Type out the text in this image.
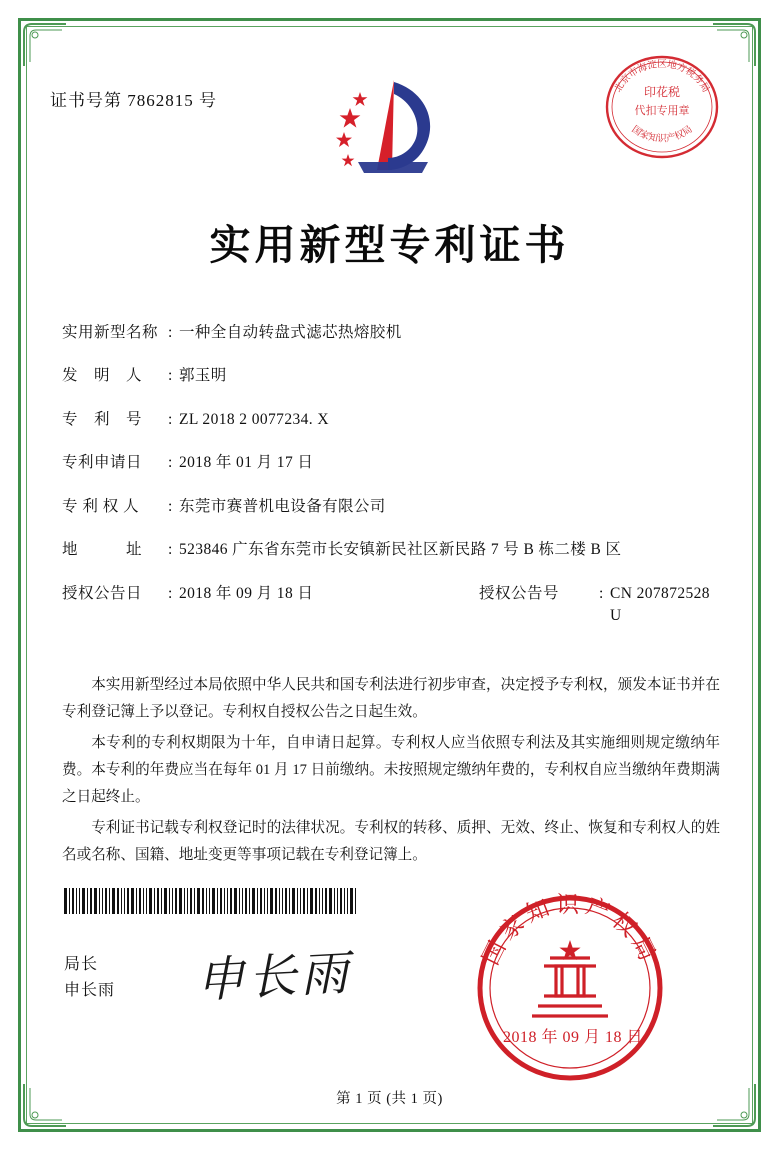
证书号第 7862815 号	印花税
代扣专用章
北京市海淀区地方税务局
国家知识产权局
实用新型专利证书
实用新型名称 : 一种全自动转盘式滤芯热熔胶机
发　明　人	: 郭玉明
专　利　号	: ZL 2018 2 0077234. X
专利申请日	: 2018 年 01 月 17 日
专 利 权 人	: 东莞市赛普机电设备有限公司
地　　　址	: 523846 广东省东莞市长安镇新民社区新民路 7 号 B 栋二楼 B 区
授权公告日	: 2018 年 09 月 18 日	授权公告号	: CN 207872528 U

本实用新型经过本局依照中华人民共和国专利法进行初步审查，决定授予专利权，颁发本证书并在专利登记簿上予以登记。专利权自授权公告之日起生效。

本专利的专利权期限为十年，自申请日起算。专利权人应当依照专利法及其实施细则规定缴纳年费。本专利的年费应当在每年 01 月 17 日前缴纳。未按照规定缴纳年费的，专利权自应当缴纳年费期满之日起终止。

专利证书记载专利权登记时的法律状况。专利权的转移、质押、无效、终止、恢复和专利权人的姓名或名称、国籍、地址变更等事项记载在专利登记簿上。

局长
申长雨 申长雨	国家知识产权局
2018 年 09 月 18 日
第 1 页 (共 1 页)
